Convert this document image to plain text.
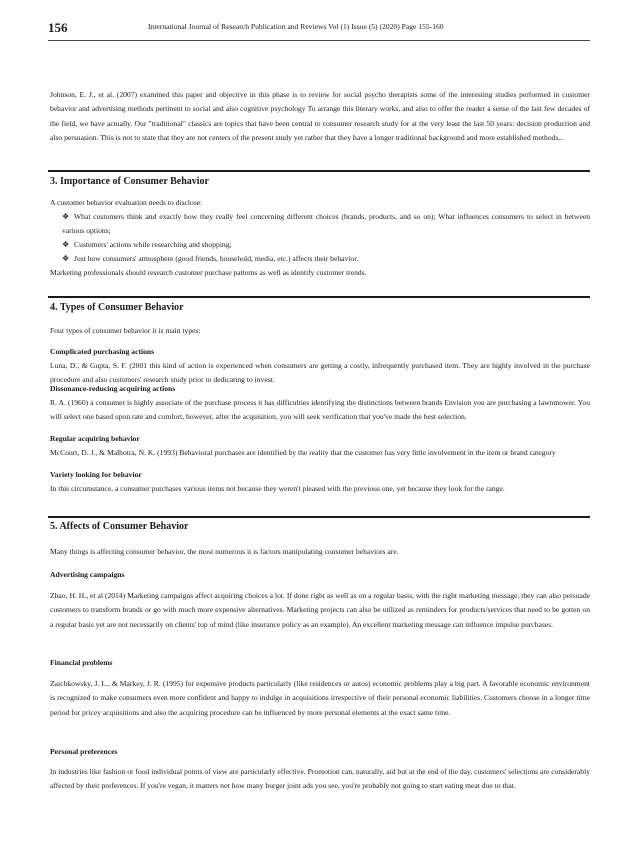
156	International Journal of Research Publication and Reviews Vol (1) Issue (5) (2020) Page 155-160

Johnson, E. J., et al. (2007) examined this paper and objective in this phase is to review for social psycho therapists some of the interesting studies performed in customer behavior and advertising methods pertinent to social and also cognitive psychology To arrange this literary works, and also to offer the reader a sense of the last few decades of the field, we have actually. Our "traditional" classics are topics that have been central to consumer research study for at the very least the last 50 years: decision production and also persuasion. This is not to state that they are not centers of the present study yet rather that they have a longer traditional background and more established methods...

3. Importance of Consumer Behavior

A customer behavior evaluation needs to disclose:

❖ What customers think and exactly how they really feel concerning different choices (brands, products, and so on); What influences consumers to select in between various options;
❖ Customers' actions while researching and shopping;
❖ Just how consumers' atmosphere (good friends, household, media, etc.) affects their behavior.

Marketing professionals should research customer purchase patterns as well as identify customer trends.

4. Types of Consumer Behavior

Four types of consumer behavior it is main types:

Complicated purchasing actions

Luna, D., & Gupta, S. F. (2001 this kind of action is experienced when consumers are getting a costly, infrequently purchased item. They are highly involved in the purchase procedure and also customers' research study prior to dedicating to invest.

Dissonance-reducing acquiring actions

R. A. (1960) a consumer is highly associate of the purchase process it has difficulties identifying the distinctions between brands Envision you are purchasing a lawnmower. You will select one based upon rate and comfort, however, after the acquisition, you will seek verification that you've made the best selection.

Regular acquiring behavior

McCourt, D. J., & Malhotra, N. K. (1993) Behavioral purchases are identified by the reality that the customer has very little involvement in the item or brand category

Variety looking for behavior

In this circumstance, a consumer purchases various items not because they weren't pleased with the previous one, yet because they look for the range.

5. Affects of Consumer Behavior

Many things is affecting consumer behavior, the most numerous it is factors manipulating consumer behaviors are.

Advertising campaigns

Zhao, H. H., et al (2014) Marketing campaigns affect acquiring choices a lot. If done right as well as on a regular basis, with the right marketing message, they can also persuade customers to transform brands or go with much more expensive alternatives. Marketing projects can also be utilized as reminders for products/services that need to be gotten on a regular basis yet are not necessarily on clients' top of mind (like insurance policy as an example). An excellent marketing message can influence impulse purchases.

Financial problems

Zaichkowsky, J. L., & Markey, J. R. (1995) for expensive products particularly (like residences or autos) economic problems play a big part. A favorable economic environment is recognized to make consumers even more confident and happy to indulge in acquisitions irrespective of their personal economic liabilities. Customers choose in a longer time period for pricey acquisitions and also the acquiring procedure can be influenced by more personal elements at the exact same time.

Personal preferences

In industries like fashion or food individual points of view are particularly effective. Promotion can, naturally, aid but at the end of the day, customers' selections are considerably affected by their preferences. If you're vegan, it matters not how many burger joint ads you see, you're probably not going to start eating meat due to that.
